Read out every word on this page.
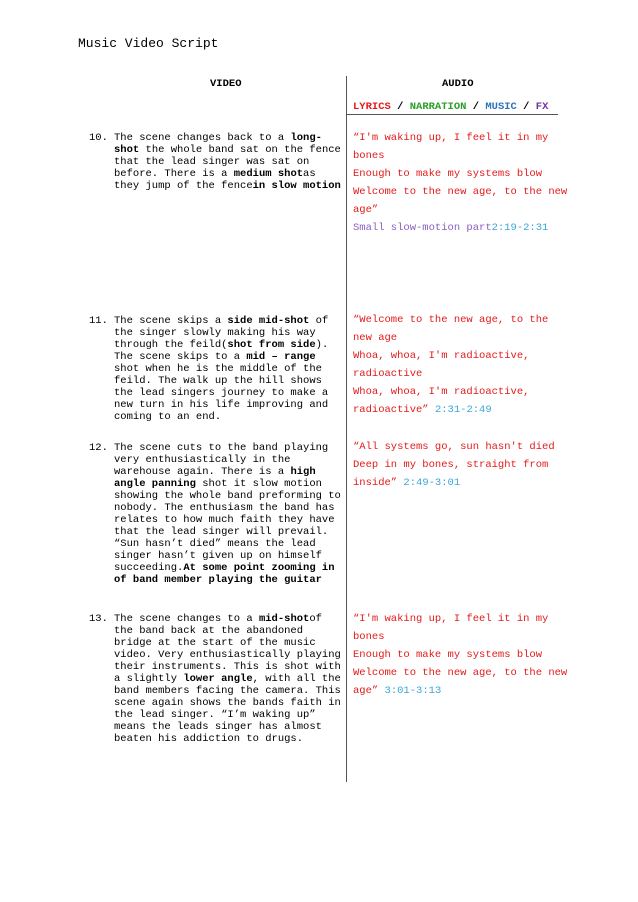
Music Video Script
VIDEO	AUDIO
LYRICS / NARRATION / MUSIC / FX
10. The scene changes back to a long-shot the whole band sat on the fence that the lead singer was sat on before. There is a medium shotas they jump of the fencein slow motion
“I'm waking up, I feel it in my bones
Enough to make my systems blow
Welcome to the new age, to the new age”
Small slow-motion part2:19-2:31
11. The scene skips a side mid-shot of the singer slowly making his way through the feild(shot from side). The scene skips to a mid – range shot when he is the middle of the feild. The walk up the hill shows the lead singers journey to make a new turn in his life improving and coming to an end.
“Welcome to the new age, to the new age
Whoa, whoa, I'm radioactive, radioactive
Whoa, whoa, I'm radioactive, radioactive” 2:31-2:49
12. The scene cuts to the band playing very enthusiastically in the warehouse again. There is a high angle panning shot it slow motion showing the whole band preforming to nobody. The enthusiasm the band has relates to how much faith they have that the lead singer will prevail. “Sun hasn’t died” means the lead singer hasn’t given up on himself succeeding.At some point zooming in of band member playing the guitar
“All systems go, sun hasn't died
Deep in my bones, straight from inside” 2:49-3:01
13. The scene changes to a mid-shotof the band back at the abandoned bridge at the start of the music video. Very enthusiastically playing their instruments. This is shot with a slightly lower angle, with all the band members facing the camera. This scene again shows the bands faith in the lead singer. “I’m waking up” means the leads singer has almost beaten his addiction to drugs.
“I'm waking up, I feel it in my bones
Enough to make my systems blow
Welcome to the new age, to the new age” 3:01-3:13
